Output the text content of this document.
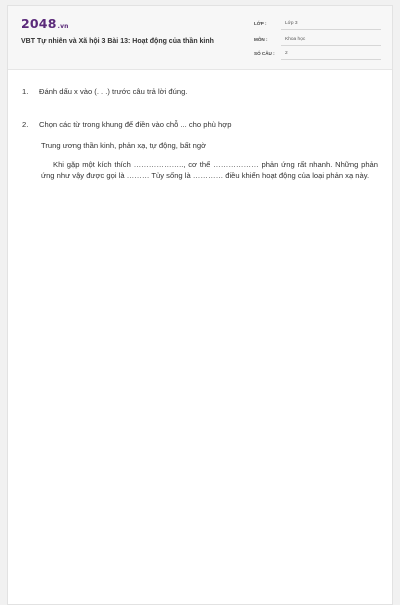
2048.vn
VBT Tự nhiên và Xã hội 3 Bài 13: Hoạt động của thần kinh
LỚP :	Lớp 3
MÔN :	Khoa học
SỐ CÂU : 2
1. Đánh dấu x vào (. . .) trước câu trả lời đúng.
2. Chọn các từ trong khung để điền vào chỗ ... cho phù hợp
Trung ương thần kinh, phản xạ, tự động, bất ngờ
Khi gặp một kích thích ……………….., cơ thể ……………… phản ứng rất nhanh. Những phản ứng như vậy được gọi là ……… Tủy sống là ………… điều khiển hoạt động của loại phản xạ này.
